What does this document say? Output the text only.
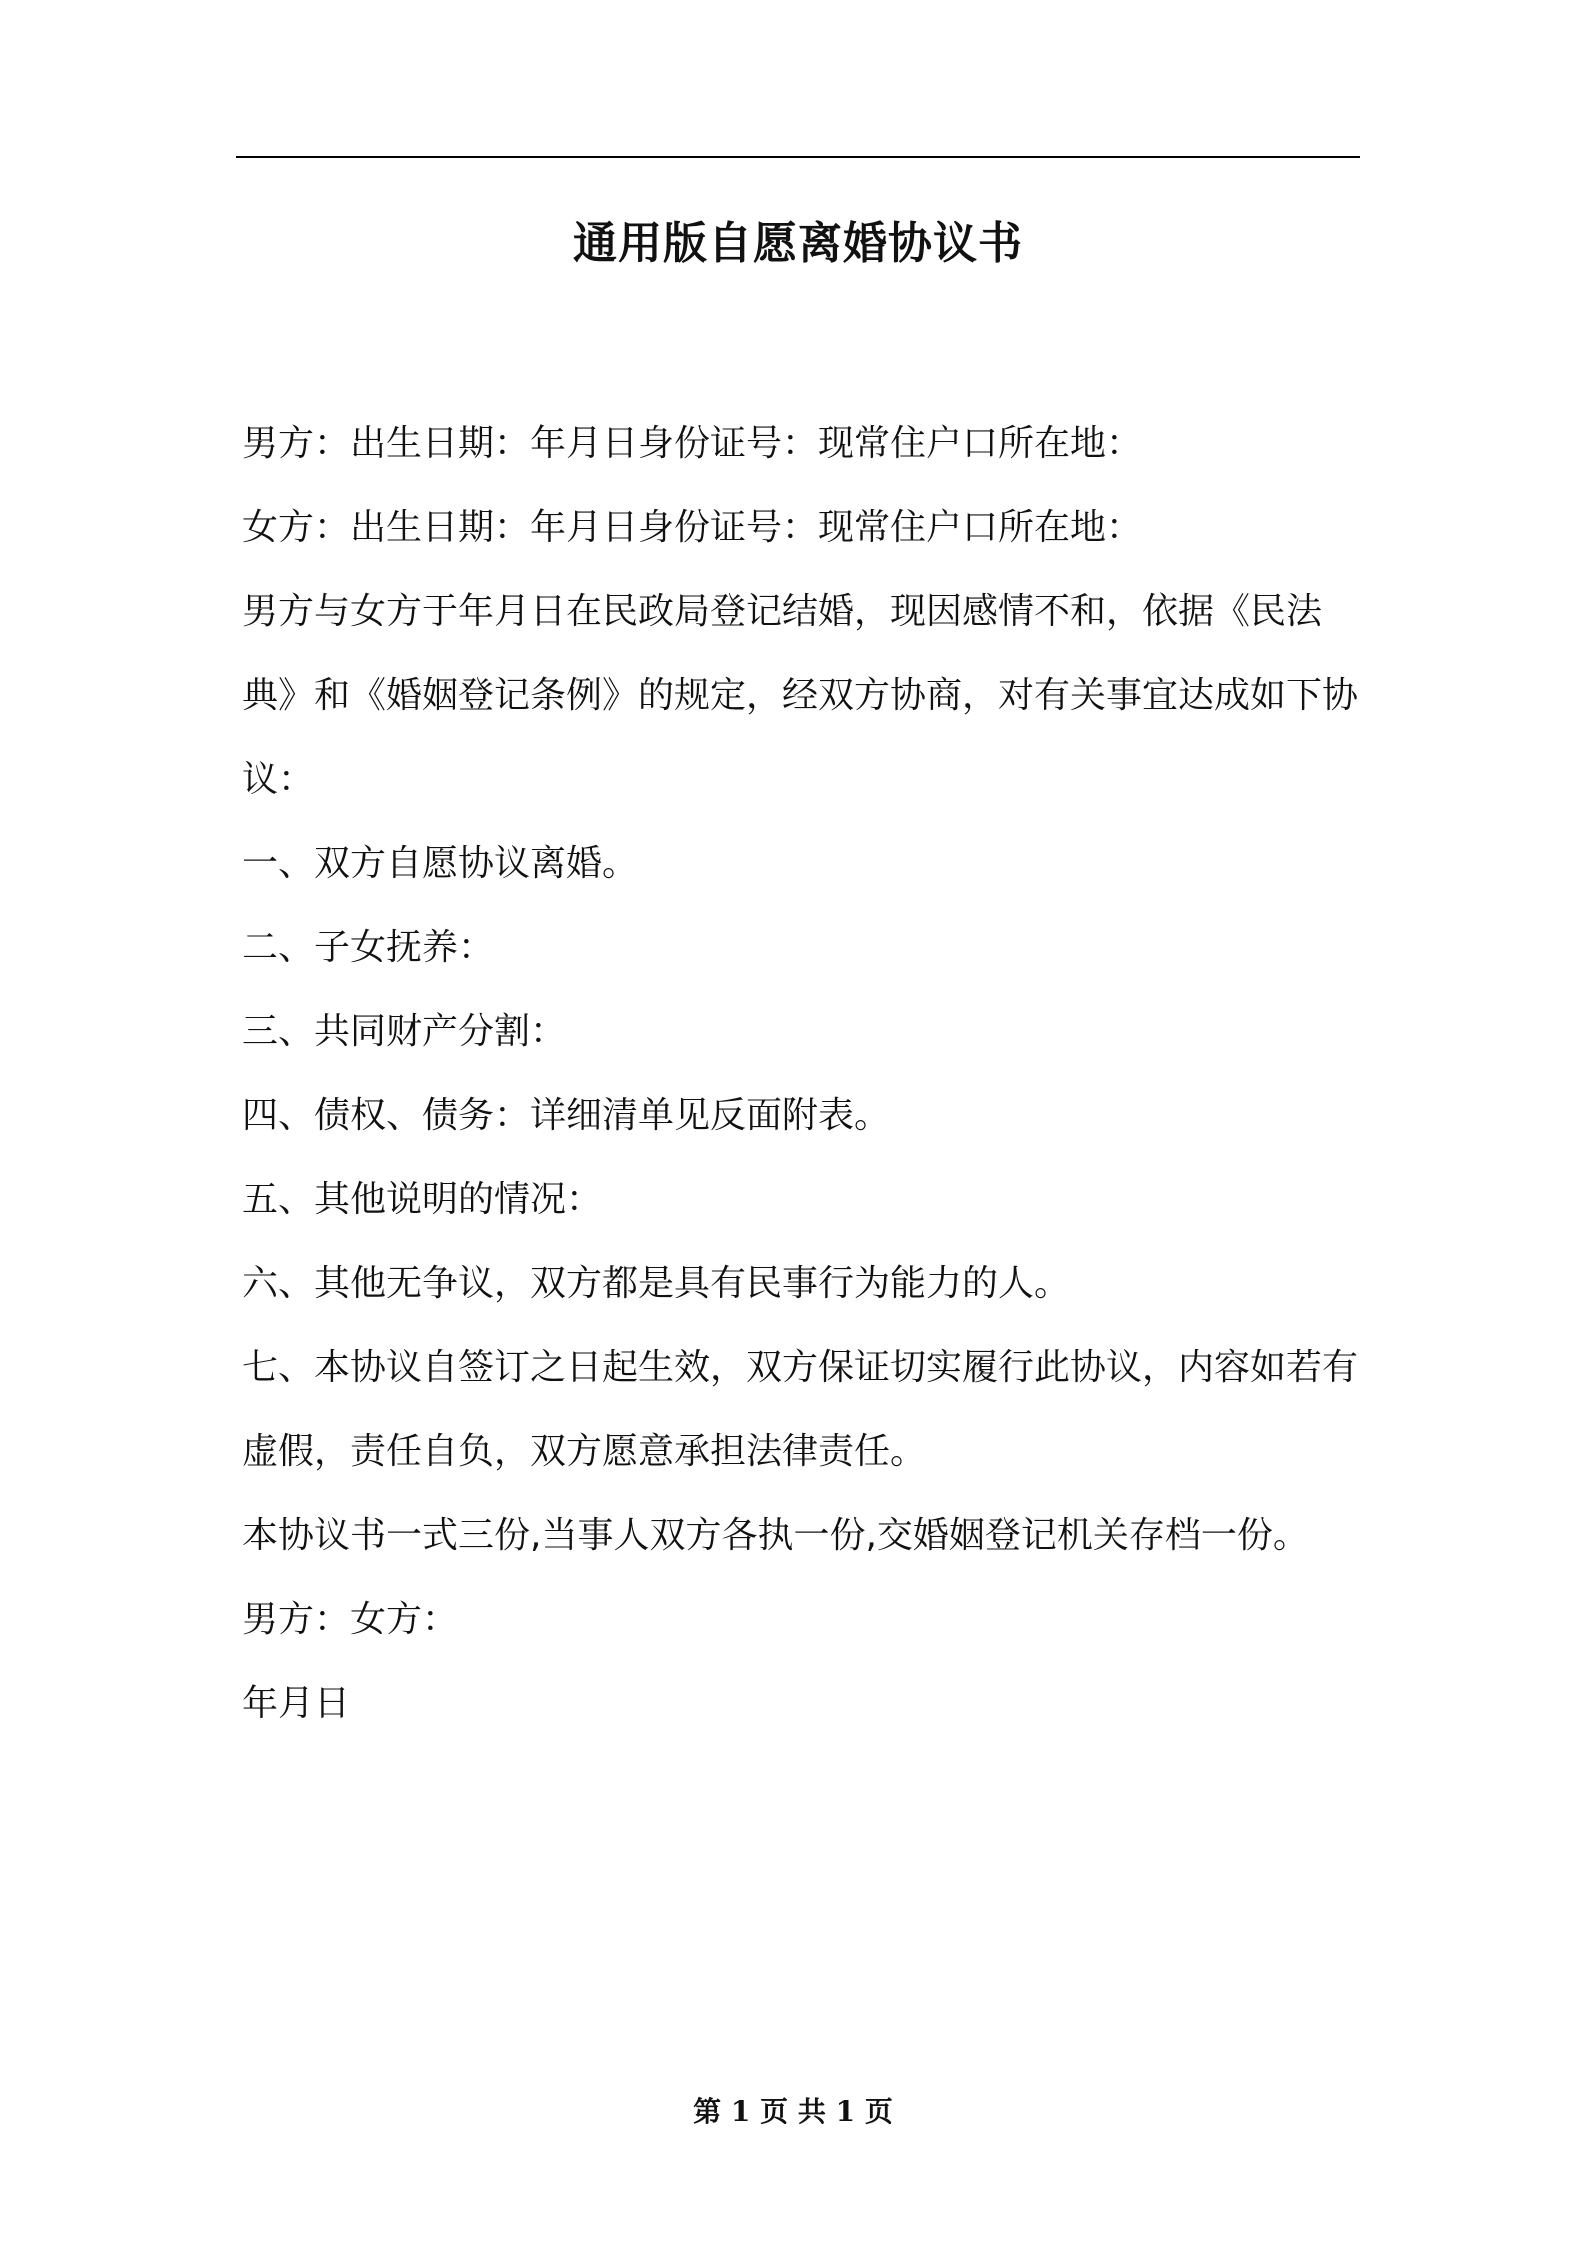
通用版自愿离婚协议书

男方：出生日期：年月日身份证号：现常住户口所在地：

女方：出生日期：年月日身份证号：现常住户口所在地：

男方与女方于年月日在民政局登记结婚，现因感情不和，依据《民法典》和《婚姻登记条例》的规定，经双方协商，对有关事宜达成如下协议：

一、双方自愿协议离婚。

二、子女抚养：

三、共同财产分割：

四、债权、债务：详细清单见反面附表。

五、其他说明的情况：

六、其他无争议，双方都是具有民事行为能力的人。

七、本协议自签订之日起生效，双方保证切实履行此协议，内容如若有虚假，责任自负，双方愿意承担法律责任。

本协议书一式三份,当事人双方各执一份,交婚姻登记机关存档一份。

男方：女方：

年月日

第 1 页 共 1 页
